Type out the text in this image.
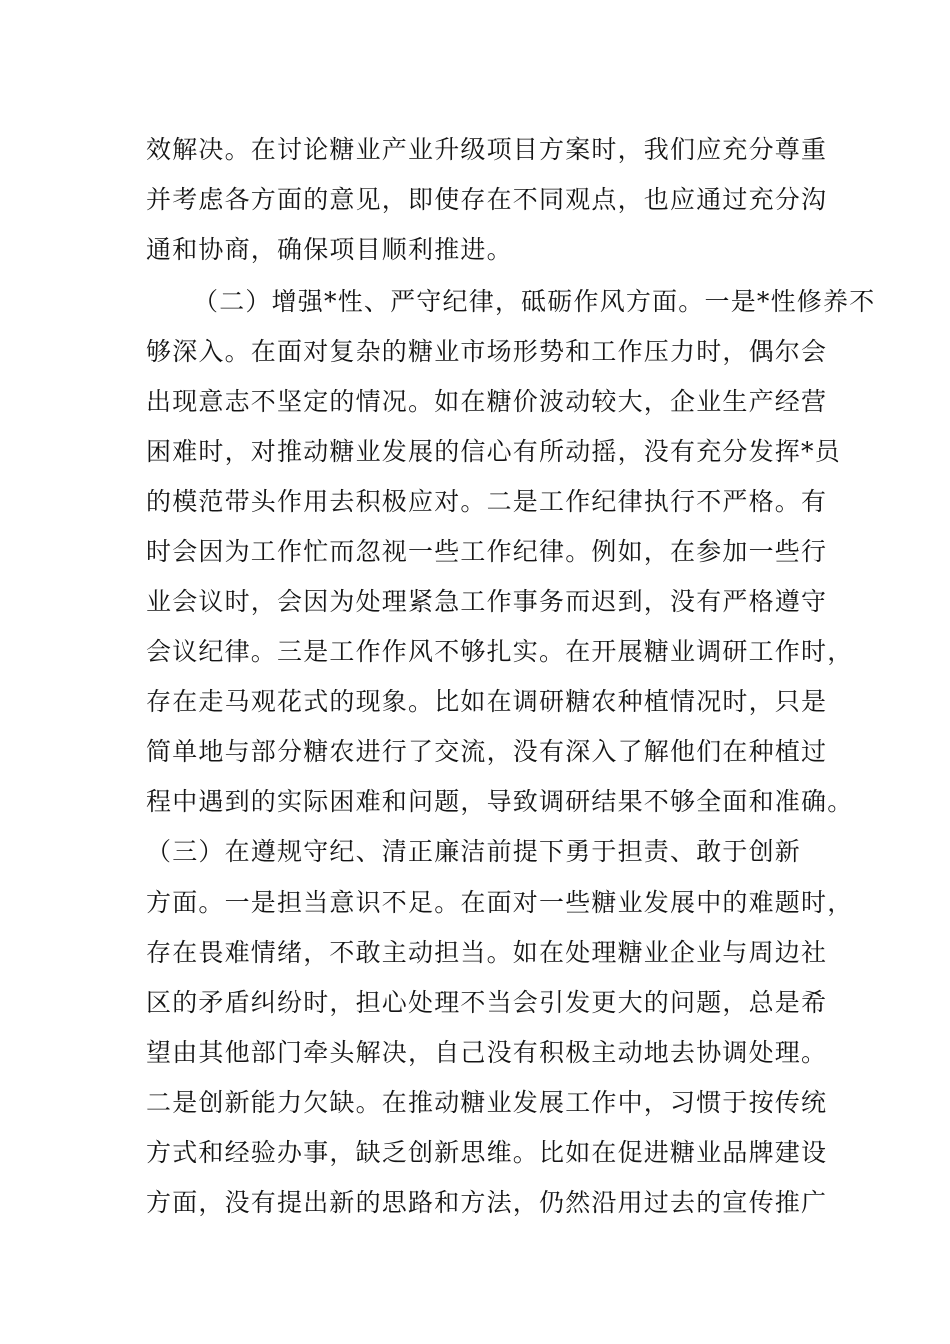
效解决。在讨论糖业产业升级项目方案时，我们应充分尊重
并考虑各方面的意见，即使存在不同观点，也应通过充分沟
通和协商，确保项目顺利推进。
（二）增强*性、严守纪律，砥砺作风方面。一是*性修养不
够深入。在面对复杂的糖业市场形势和工作压力时，偶尔会
出现意志不坚定的情况。如在糖价波动较大，企业生产经营
困难时，对推动糖业发展的信心有所动摇，没有充分发挥*员
的模范带头作用去积极应对。二是工作纪律执行不严格。有
时会因为工作忙而忽视一些工作纪律。例如，在参加一些行
业会议时，会因为处理紧急工作事务而迟到，没有严格遵守
会议纪律。三是工作作风不够扎实。在开展糖业调研工作时，
存在走马观花式的现象。比如在调研糖农种植情况时，只是
简单地与部分糖农进行了交流，没有深入了解他们在种植过
程中遇到的实际困难和问题，导致调研结果不够全面和准确。
（三）在遵规守纪、清正廉洁前提下勇于担责、敢于创新
方面。一是担当意识不足。在面对一些糖业发展中的难题时，
存在畏难情绪，不敢主动担当。如在处理糖业企业与周边社
区的矛盾纠纷时，担心处理不当会引发更大的问题，总是希
望由其他部门牵头解决，自己没有积极主动地去协调处理。
二是创新能力欠缺。在推动糖业发展工作中，习惯于按传统
方式和经验办事，缺乏创新思维。比如在促进糖业品牌建设
方面，没有提出新的思路和方法，仍然沿用过去的宣传推广
